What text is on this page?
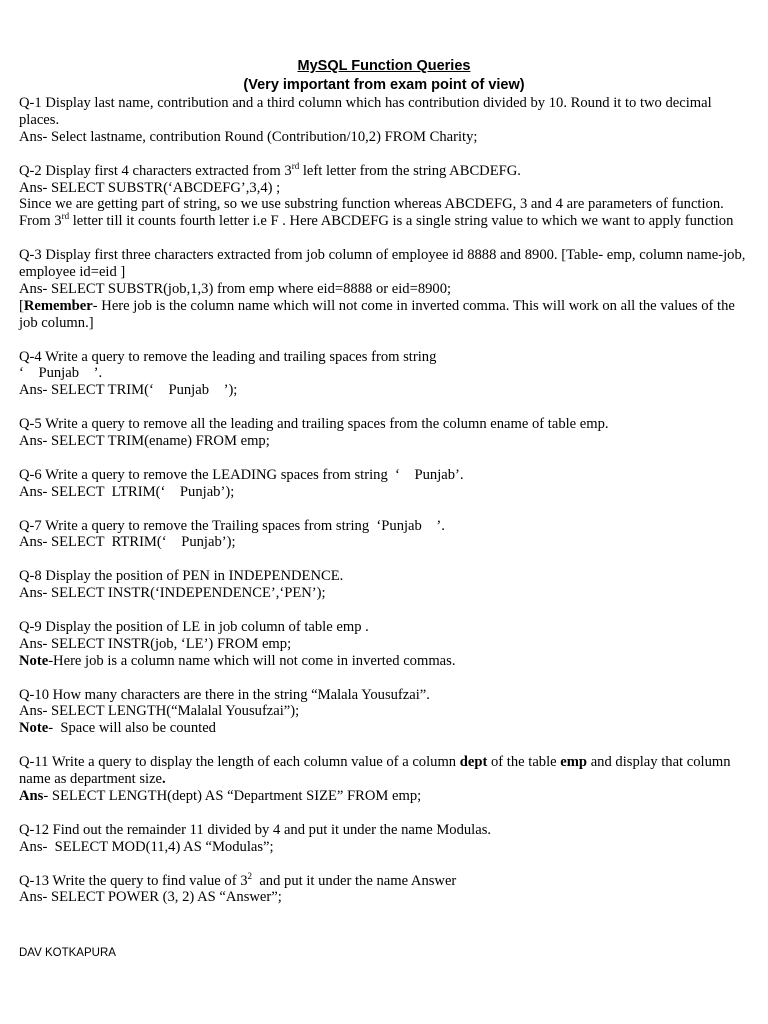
MySQL Function Queries
(Very important from exam point of view)

Q-1 Display last name, contribution and a third column which has contribution divided by 10. Round it to two decimal places.

Ans- Select lastname, contribution Round (Contribution/10,2) FROM Charity;

Q-2 Display first 4 characters extracted from 3rd left letter from the string ABCDEFG.

Ans- SELECT SUBSTR(‘ABCDEFG’,3,4) ;

Since we are getting part of string, so we use substring function whereas ABCDEFG, 3 and 4 are parameters of function. From 3rd letter till it counts fourth letter i.e F . Here ABCDEFG is a single string value to which we want to apply function

Q-3 Display first three characters extracted from job column of employee id 8888 and 8900. [Table- emp, column name-job, employee id=eid ]

Ans- SELECT SUBSTR(job,1,3) from emp where eid=8888 or eid=8900;

[Remember- Here job is the column name which will not come in inverted comma. This will work on all the values of the job column.]

Q-4 Write a query to remove the leading and trailing spaces from string

‘    Punjab    ’.

Ans- SELECT TRIM(‘    Punjab    ’);

Q-5 Write a query to remove all the leading and trailing spaces from the column ename of table emp.

Ans- SELECT TRIM(ename) FROM emp;

Q-6 Write a query to remove the LEADING spaces from string  ‘    Punjab’.

Ans- SELECT  LTRIM(‘    Punjab’);

Q-7 Write a query to remove the Trailing spaces from string  ‘Punjab    ’.

Ans- SELECT  RTRIM(‘    Punjab’);

Q-8 Display the position of PEN in INDEPENDENCE.

Ans- SELECT INSTR(‘INDEPENDENCE’,‘PEN’);

Q-9 Display the position of LE in job column of table emp .

Ans- SELECT INSTR(job, ‘LE’) FROM emp;

Note-Here job is a column name which will not come in inverted commas.

Q-10 How many characters are there in the string “Malala Yousufzai”.

Ans- SELECT LENGTH(“Malalal Yousufzai”);

Note-  Space will also be counted

Q-11 Write a query to display the length of each column value of a column dept of the table emp and display that column name as department size.

Ans- SELECT LENGTH(dept) AS “Department SIZE” FROM emp;

Q-12 Find out the remainder 11 divided by 4 and put it under the name Modulas.

Ans-  SELECT MOD(11,4) AS “Modulas”;

Q-13 Write the query to find value of $3^2$  and put it under the name Answer

Ans- SELECT POWER (3, 2) AS “Answer”;

DAV KOTKAPURA
